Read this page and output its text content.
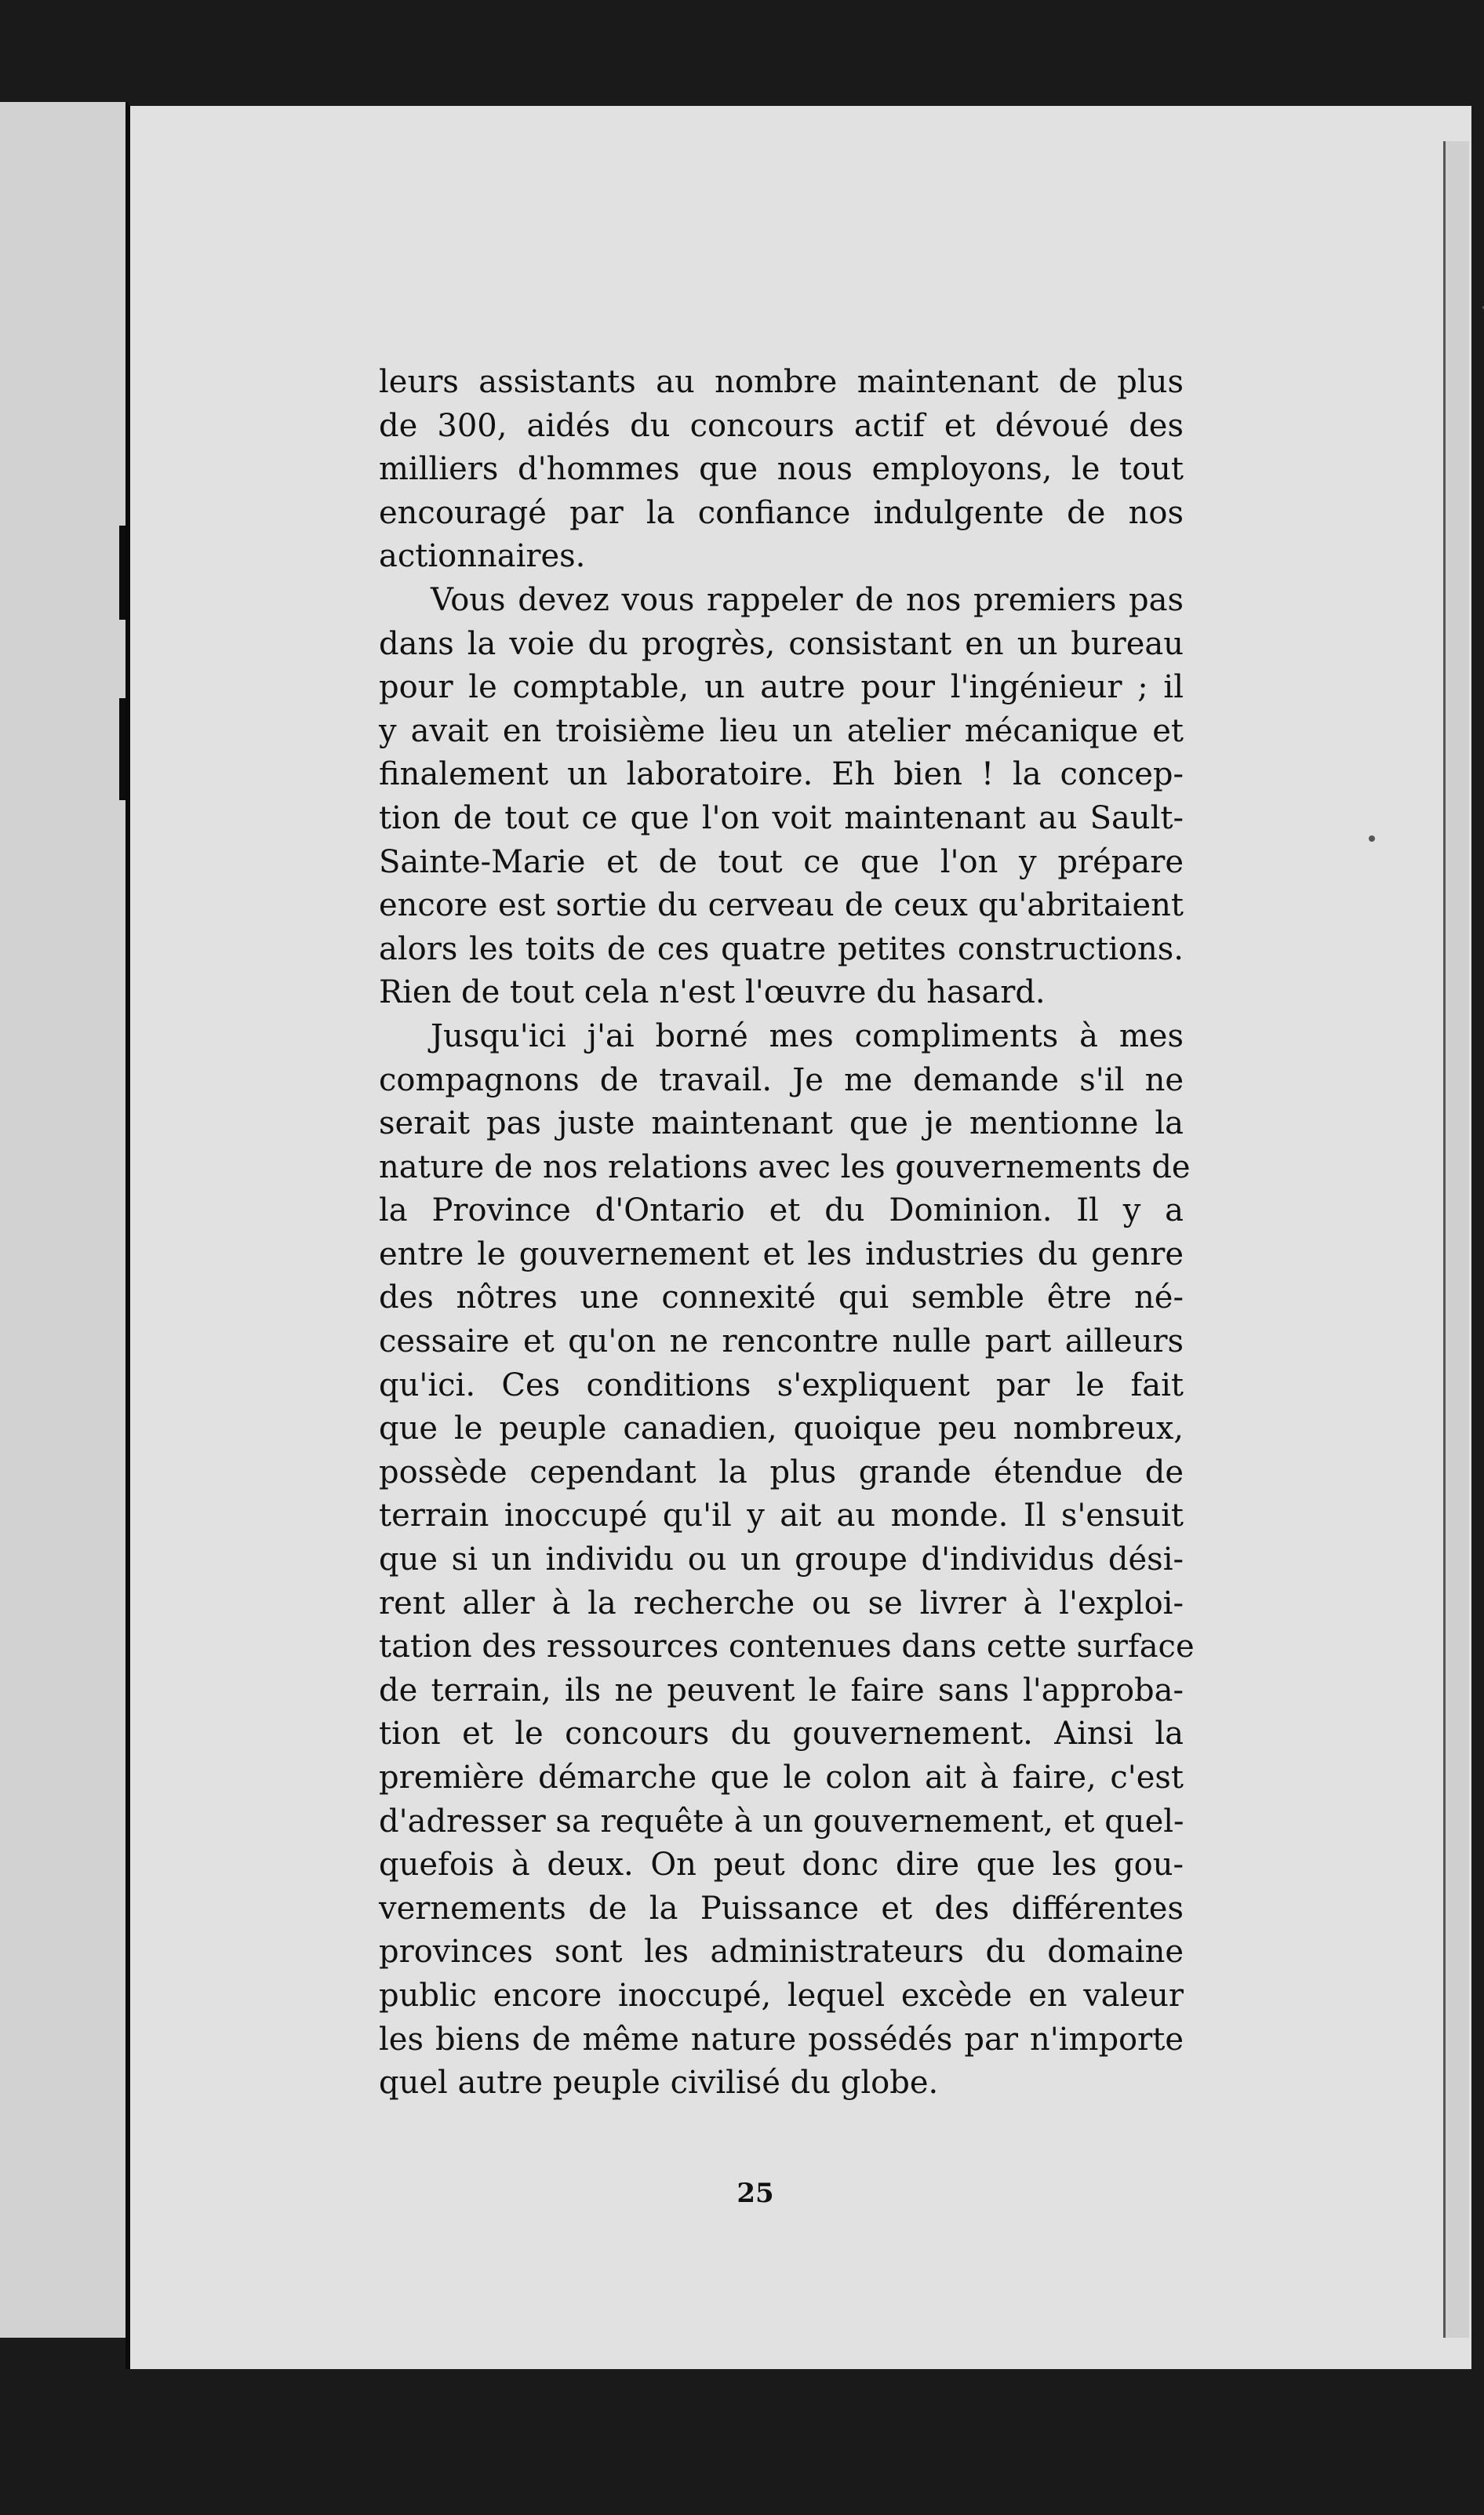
leurs assistants au nombre maintenant de plus
de 300, aidés du concours actif et dévoué des
milliers d'hommes que nous employons, le tout
encouragé par la confiance indulgente de nos
actionnaires.
Vous devez vous rappeler de nos premiers pas
dans la voie du progrès, consistant en un bureau
pour le comptable, un autre pour l'ingénieur ; il
y avait en troisième lieu un atelier mécanique et
finalement un laboratoire. Eh bien ! la concep-
tion de tout ce que l'on voit maintenant au Sault-
Sainte-Marie et de tout ce que l'on y prépare
encore est sortie du cerveau de ceux qu'abritaient
alors les toits de ces quatre petites constructions.
Rien de tout cela n'est l'œuvre du hasard.
Jusqu'ici j'ai borné mes compliments à mes
compagnons de travail. Je me demande s'il ne
serait pas juste maintenant que je mentionne la
nature de nos relations avec les gouvernements de
la Province d'Ontario et du Dominion. Il y a
entre le gouvernement et les industries du genre
des nôtres une connexité qui semble être né-
cessaire et qu'on ne rencontre nulle part ailleurs
qu'ici. Ces conditions s'expliquent par le fait
que le peuple canadien, quoique peu nombreux,
possède cependant la plus grande étendue de
terrain inoccupé qu'il y ait au monde. Il s'ensuit
que si un individu ou un groupe d'individus dési-
rent aller à la recherche ou se livrer à l'exploi-
tation des ressources contenues dans cette surface
de terrain, ils ne peuvent le faire sans l'approba-
tion et le concours du gouvernement. Ainsi la
première démarche que le colon ait à faire, c'est
d'adresser sa requête à un gouvernement, et quel-
quefois à deux. On peut donc dire que les gou-
vernements de la Puissance et des différentes
provinces sont les administrateurs du domaine
public encore inoccupé, lequel excède en valeur
les biens de même nature possédés par n'importe
quel autre peuple civilisé du globe.
25
